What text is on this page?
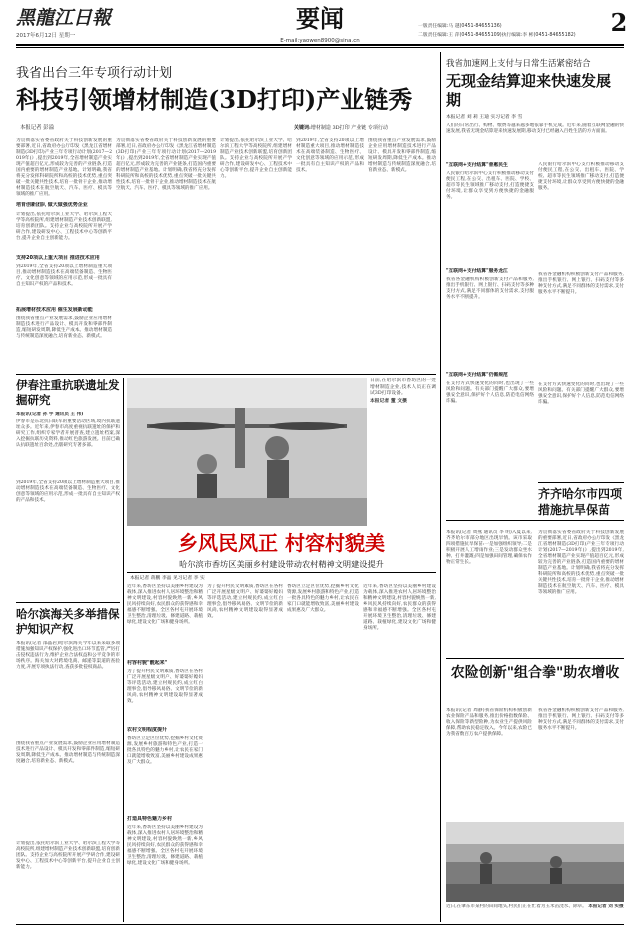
黑龍江日報
2017年6月12日 星期一
要闻
E-mail:yaowen8900@sina.cn
一版责任编辑:马 越(0451-84655136)
二版责任编辑:王 萍(0451-84655109)执行编辑:李 彬(0451-84655182)	2
我省出台三年专项行动计划
科技引领增材制造(3D打印)产业链秀
本报记者 彭溢	关键词:增材制造 3D打印 产业链 专项行动
为贯彻落实省委省政府关于科技创新发展的重要部署,近日,省政府办公厅印发《黑龙江省增材制造(3D打印)产业三年专项行动计划(2017—2019年)》,提出到2019年,全省增材制造产业实现产值超百亿元,形成较为完善的产业链条,打造国内重要的增材制造产业基地。计划明确,我省将充分发挥科研院所和高校的技术优势,重点突破一批关键共性技术,培育一批骨干企业,推动增材制造技术在航空航天、汽车、医疗、模具等领域的推广应用。
培育创新团队 做大做强优势企业
计划提出,依托哈尔滨工业大学、哈尔滨工程大学等高校院所,组建增材制造产业技术创新联盟,培育创新团队。支持企业与高校院所开展产学研合作,建设研发中心、工程技术中心等创新平台,提升企业自主创新能力。
支持20项以上重大项目 推进技术应用
到2019年,全省支持20项以上增材制造重大项目,推动增材制造技术在高端装备制造、生物医疗、文化创意等领域的应用示范,形成一批具有自主知识产权的产品和技术。
拓展增材技术应用 催生发展新动能
围绕我省重点产业发展需求,鼓励企业应用增材制造技术进行产品设计、模具开发和零部件制造,缩短研发周期,降低生产成本。推动增材制造与传统制造深度融合,培育新业态、新模式。
为贯彻落实省委省政府关于科技创新发展的重要部署,近日,省政府办公厅印发《黑龙江省增材制造(3D打印)产业三年专项行动计划(2017—2019年)》,提出到2019年,全省增材制造产业实现产值超百亿元,形成较为完善的产业链条,打造国内重要的增材制造产业基地。计划明确,我省将充分发挥科研院所和高校的技术优势,重点突破一批关键共性技术,培育一批骨干企业,推动增材制造技术在航空航天、汽车、医疗、模具等领域的推广应用。
计划提出,依托哈尔滨工业大学、哈尔滨工程大学等高校院所,组建增材制造产业技术创新联盟,培育创新团队。支持企业与高校院所开展产学研合作,建设研发中心、工程技术中心等创新平台,提升企业自主创新能力。
到2019年,全省支持20项以上增材制造重大项目,推动增材制造技术在高端装备制造、生物医疗、文化创意等领域的应用示范,形成一批具有自主知识产权的产品和技术。
围绕我省重点产业发展需求,鼓励企业应用增材制造技术进行产品设计、模具开发和零部件制造,缩短研发周期,降低生产成本。推动增材制造与传统制造深度融合,培育新业态、新模式。
伊春注重抗联遗址发掘研究
本报讯(记者 孙 宇 通讯员 王 伟)
伊春市是东北抗日联军的重要活动区域,境内抗联遗址众多。近年来,伊春市高度重视抗联遗址的保护和研究工作,组织专家学者开展普查,建立遗址档案,深入挖掘抗联历史资料,推动红色旅游发展。目前已确认抗联遗址百余处,出版研究专著多部。
到2019年,全省支持20项以上增材制造重大项目,推动增材制造技术在高端装备制造、生物医疗、文化创意等领域的应用示范,形成一批具有自主知识产权的产品和技术。
哈尔滨海关多举措保护知识产权
本报讯(记者 邵晶岩)哈尔滨海关今年以来采取多项措施加强知识产权保护,强化进出口环节监管,严厉打击侵权违法行为,维护企业合法权益和公平竞争的市场秩序。海关加大对跨境电商、邮递等渠道的查验力度,开展专项执法行动,查获多批侵权商品。
围绕我省重点产业发展需求,鼓励企业应用增材制造技术进行产品设计、模具开发和零部件制造,缩短研发周期,降低生产成本。推动增材制造与传统制造深度融合,培育新业态、新模式。
计划提出,依托哈尔滨工业大学、哈尔滨工程大学等高校院所,组建增材制造产业技术创新联盟,培育创新团队。支持企业与高校院所开展产学研合作,建设研发中心、工程技术中心等创新平台,提升企业自主创新能力。
日前,在哈尔滨市香坊区的一处增材制造企业,技术人员正在调试3D打印设备。
本报记者 董 文摄
乡风民风正 村容村貌美
哈尔滨市香坊区美丽乡村建设带动农村精神文明建设提升
本报记者 蒋鹏 李晶 见习记者 李 实
近年来,香坊区坚持以美丽乡村建设为载体,深入推进农村人居环境整治和精神文明建设,村容村貌焕然一新,乡风民风持续向好,农民群众的获得感和幸福感不断增强。全区各村屯开展环境卫生整治,清理垃圾、修建道路、栽植绿化,建设文化广场和健身场所。
村容村貌"靓起来"
为了提升村民文明素质,香坊区在各村广泛开展星级文明户、好婆婆好媳妇等评选活动,建立村规民约,成立红白理事会,倡导移风易俗、文明节俭的新风尚,农村精神文明建设取得显著成效。
农村文明程度提升
香坊区立足区位优势,挖掘乡村文化资源,发展乡村旅游和特色产业,打造一批各具特色的魅力乡村,让农民在家门口就能增收致富,美丽乡村建设成果惠及广大群众。
打造具特色魅力乡村
近年来,香坊区坚持以美丽乡村建设为载体,深入推进农村人居环境整治和精神文明建设,村容村貌焕然一新,乡风民风持续向好,农民群众的获得感和幸福感不断增强。全区各村屯开展环境卫生整治,清理垃圾、修建道路、栽植绿化,建设文化广场和健身场所。
为了提升村民文明素质,香坊区在各村广泛开展星级文明户、好婆婆好媳妇等评选活动,建立村规民约,成立红白理事会,倡导移风易俗、文明节俭的新风尚,农村精神文明建设取得显著成效。
香坊区立足区位优势,挖掘乡村文化资源,发展乡村旅游和特色产业,打造一批各具特色的魅力乡村,让农民在家门口就能增收致富,美丽乡村建设成果惠及广大群众。
近年来,香坊区坚持以美丽乡村建设为载体,深入推进农村人居环境整治和精神文明建设,村容村貌焕然一新,乡风民风持续向好,农民群众的获得感和幸福感不断增强。全区各村屯开展环境卫生整治,清理垃圾、修建道路、栽植绿化,建设文化广场和健身场所。
我省加速网上支付与日常生活紧密结合
无现金结算迎来快速发展期
本报记者 刘 莉 王迪 实习记者 李 雪
人们的日常出行、购物、缴费等越来越多地依靠手机完成。近年来,随着互联网金融的快速发展,我省无现金结算迎来快速发展期,移动支付已经融入百姓生活的方方面面。
"互联网+支付结算"普惠民生
人民银行哈尔滨中心支行积极推动移动支付便民工程,在公交、出租车、医院、学校、超市等民生领域推广移动支付,打造便捷支付环境,让群众享受到方便快捷的金融服务。
"互联网+支付结算"服务龙江
我省各金融机构积极创新支付产品和服务,推出手机银行、网上银行、扫码支付等多种支付方式,满足不同群体的支付需求,支付服务水平不断提升。
"互联网+支付结算"仍需规范
在支付方式快速变化的同时,也出现了一些风险和问题。有关部门提醒广大群众,要增强安全意识,保护好个人信息,防范电信网络诈骗。
人民银行哈尔滨中心支行积极推动移动支付便民工程,在公交、出租车、医院、学校、超市等民生领域推广移动支付,打造便捷支付环境,让群众享受到方便快捷的金融服务。
我省各金融机构积极创新支付产品和服务,推出手机银行、网上银行、扫码支付等多种支付方式,满足不同群体的支付需求,支付服务水平不断提升。
在支付方式快速变化的同时,也出现了一些风险和问题。有关部门提醒广大群众,要增强安全意识,保护好个人信息,防范电信网络诈骗。
齐齐哈尔市四项措施抗旱保苗
本报讯(记者 周燕 通讯员 李 明)入夏以来,齐齐哈尔市部分地区出现旱情。该市采取四项措施抗旱保苗:一是加强组织领导;二是积极开展人工增雨作业;三是发动群众坐水种、打井灌溉;四是加强田间管理,确保农作物正常生长。
为贯彻落实省委省政府关于科技创新发展的重要部署,近日,省政府办公厅印发《黑龙江省增材制造(3D打印)产业三年专项行动计划(2017—2019年)》,提出到2019年,全省增材制造产业实现产值超百亿元,形成较为完善的产业链条,打造国内重要的增材制造产业基地。计划明确,我省将充分发挥科研院所和高校的技术优势,重点突破一批关键共性技术,培育一批骨干企业,推动增材制造技术在航空航天、汽车、医疗、模具等领域的推广应用。
农险创新"组合拳"助农增收
本报讯(记者 周静)我省保险机构积极创新农业保险产品和服务,推出价格指数保险、收入保险等新型险种,为农业生产提供风险保障,帮助农民稳定收入。今年以来,农险已为我省数百万农户提供保障。
我省各金融机构积极创新支付产品和服务,推出手机银行、网上银行、扫码支付等多种支付方式,满足不同群体的支付需求,支付服务水平不断提升。
近日,在肇东市某村的田间地头,村民们正在忙着为玉米苗浇水、除草。 本报记者 刘 实摄
